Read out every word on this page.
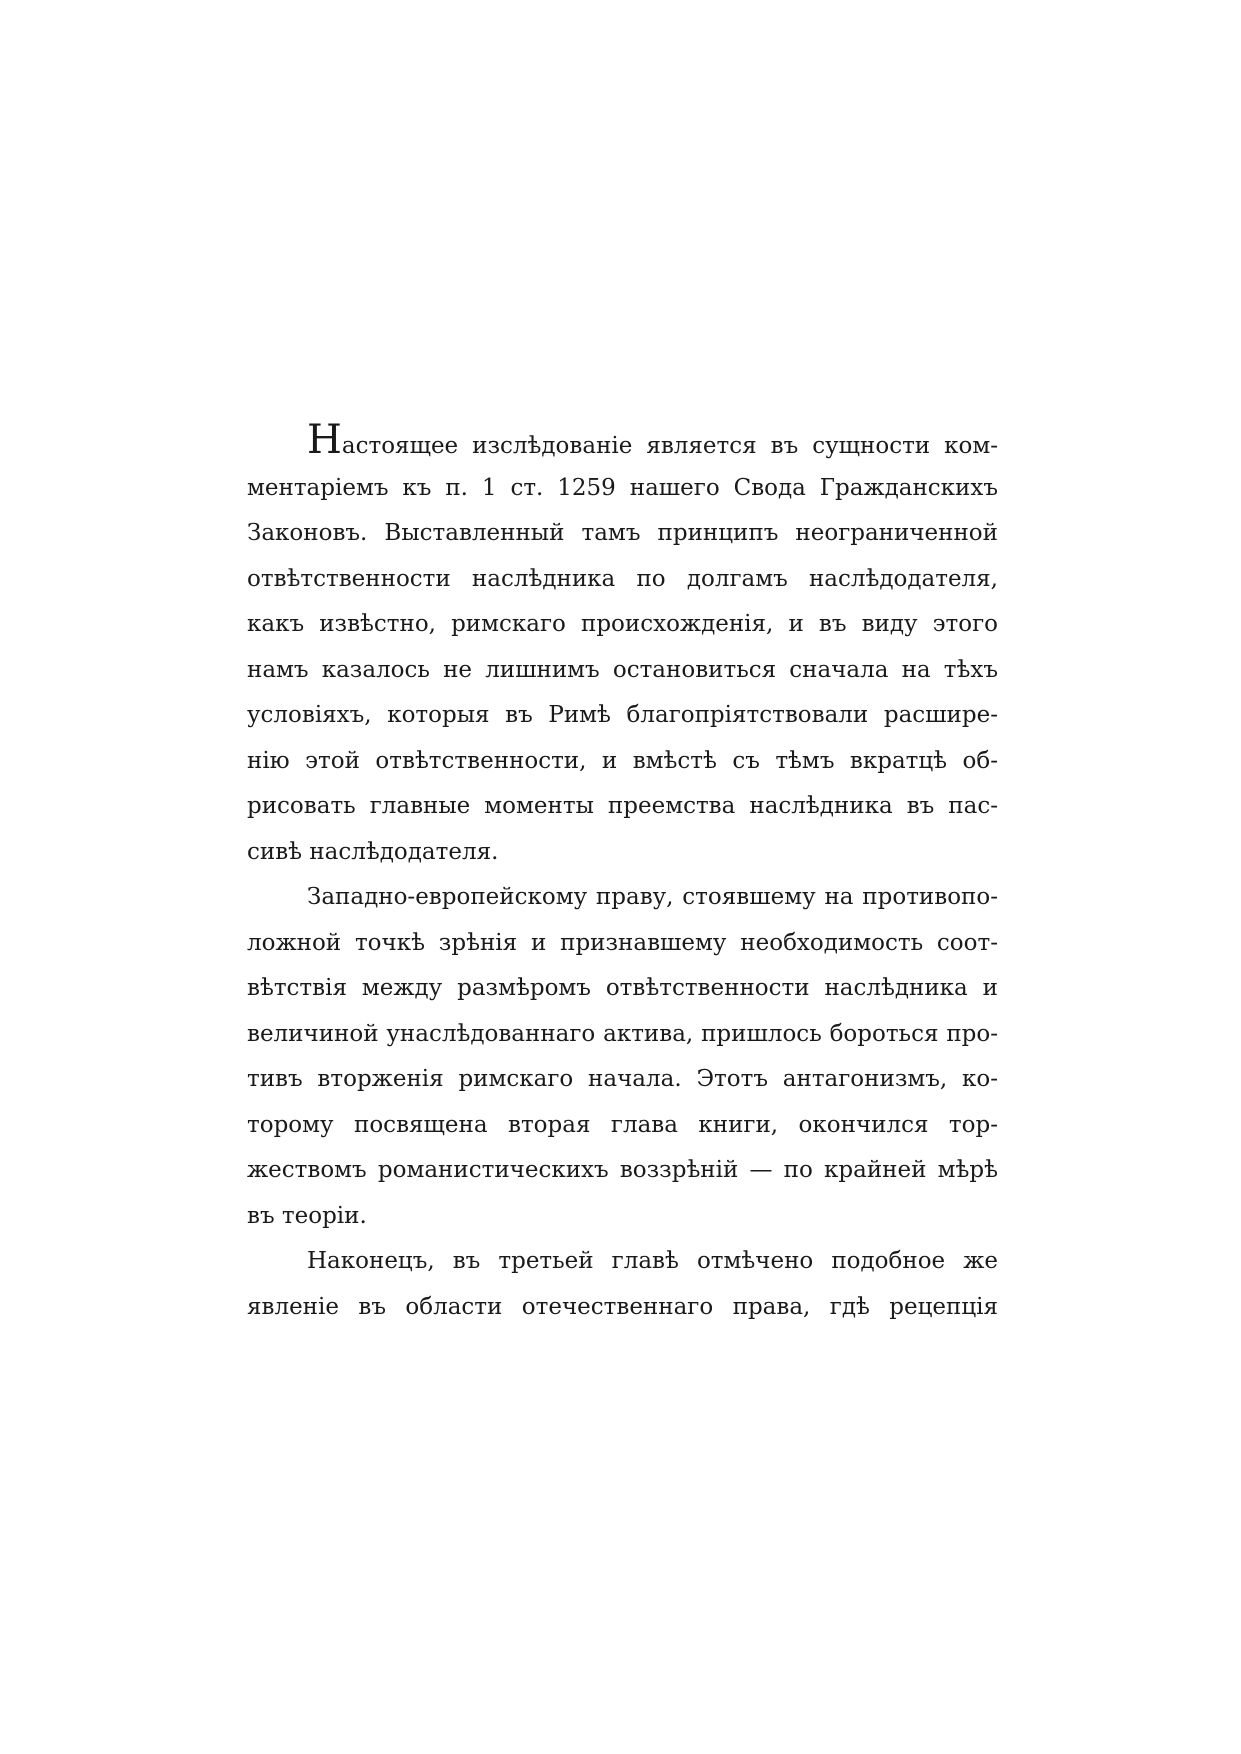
Настоящее изслѣдованіе является въ сущности ком-
ментаріемъ къ п. 1 ст. 1259 нашего Свода Гражданскихъ
Законовъ. Выставленный тамъ принципъ неограниченной
отвѣтственности наслѣдника по долгамъ наслѣдодателя,
какъ извѣстно, римскаго происхожденія, и въ виду этого
намъ казалось не лишнимъ остановиться сначала на тѣхъ
условіяхъ, которыя въ Римѣ благопріятствовали расшире-
нію этой отвѣтственности, и вмѣстѣ съ тѣмъ вкратцѣ об-
рисовать главные моменты преемства наслѣдника въ пас-
сивѣ наслѣдодателя.

Западно-европейскому праву, стоявшему на противопо-
ложной точкѣ зрѣнія и признавшему необходимость соот-
вѣтствія между размѣромъ отвѣтственности наслѣдника и
величиной унаслѣдованнаго актива, пришлось бороться про-
тивъ вторженія римскаго начала. Этотъ антагонизмъ, ко-
торому посвящена вторая глава книги, окончился тор-
жествомъ романистическихъ воззрѣній — по крайней мѣрѣ
въ теоріи.

Наконецъ, въ третьей главѣ отмѣчено подобное же
явленіе въ области отечественнаго права, гдѣ рецепція
